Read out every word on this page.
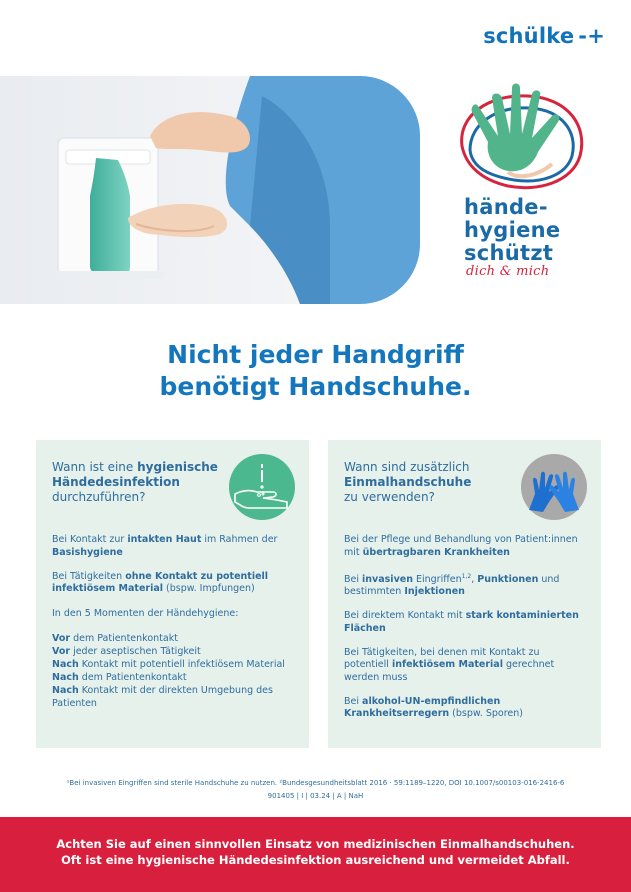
schülke -+
hände-
hygiene
schützt
dich & mich
Nicht jeder Handgriff
benötigt Handschuhe.
Wann ist eine hygienische Händedesinfektion
durchzuführen?
Bei Kontakt zur intakten Haut im Rahmen der
Basishygiene
Bei Tätigkeiten ohne Kontakt zu potentiell infektiösem Material (bspw. Impfungen)
In den 5 Momenten der Händehygiene:
Vor dem Patientenkontakt
Vor jeder aseptischen Tätigkeit
Nach Kontakt mit potentiell infektiösem Material
Nach dem Patientenkontakt
Nach Kontakt mit der direkten Umgebung des Patienten
Wann sind zusätzlich
Einmalhandschuhe
zu verwenden?
Bei der Pflege und Behandlung von Patient:innen mit übertragbaren Krankheiten
Bei invasiven Eingriffen$^{1,2}$, Punktionen und bestimmten Injektionen
Bei direktem Kontakt mit stark kontaminierten Flächen
Bei Tätigkeiten, bei denen mit Kontakt zu potentiell infektiösem Material gerechnet werden muss
Bei alkohol-UN-empfindlichen Krankheitserregern (bspw. Sporen)
¹Bei invasiven Eingriffen sind sterile Handschuhe zu nutzen. ²Bundesgesundheitsblatt 2016 · 59:1189–1220, DOI 10.1007/s00103-016-2416-6
901405 | I | 03.24 | A | NaH
Achten Sie auf einen sinnvollen Einsatz von medizinischen Einmalhandschuhen.
Oft ist eine hygienische Händedesinfektion ausreichend und vermeidet Abfall.
